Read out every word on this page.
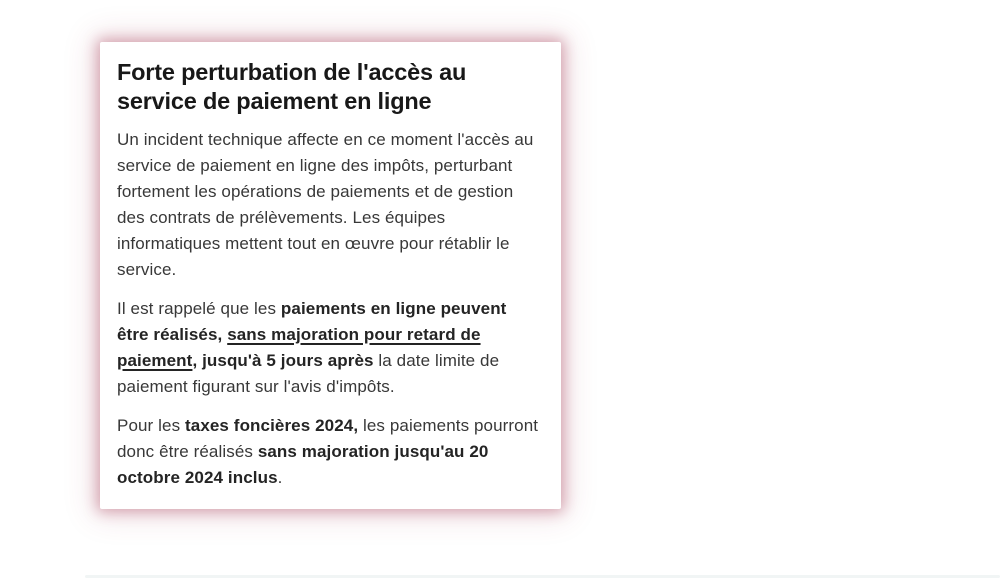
Forte perturbation de l'accès au service de paiement en ligne

Un incident technique affecte en ce moment l'accès au service de paiement en ligne des impôts, perturbant fortement les opérations de paiements et de gestion des contrats de prélèvements. Les équipes informatiques mettent tout en œuvre pour rétablir le service.

Il est rappelé que les paiements en ligne peuvent être réalisés, sans majoration pour retard de paiement, jusqu'à 5 jours après la date limite de paiement figurant sur l'avis d'impôts.

Pour les taxes foncières 2024, les paiements pourront donc être réalisés sans majoration jusqu'au 20 octobre 2024 inclus.
